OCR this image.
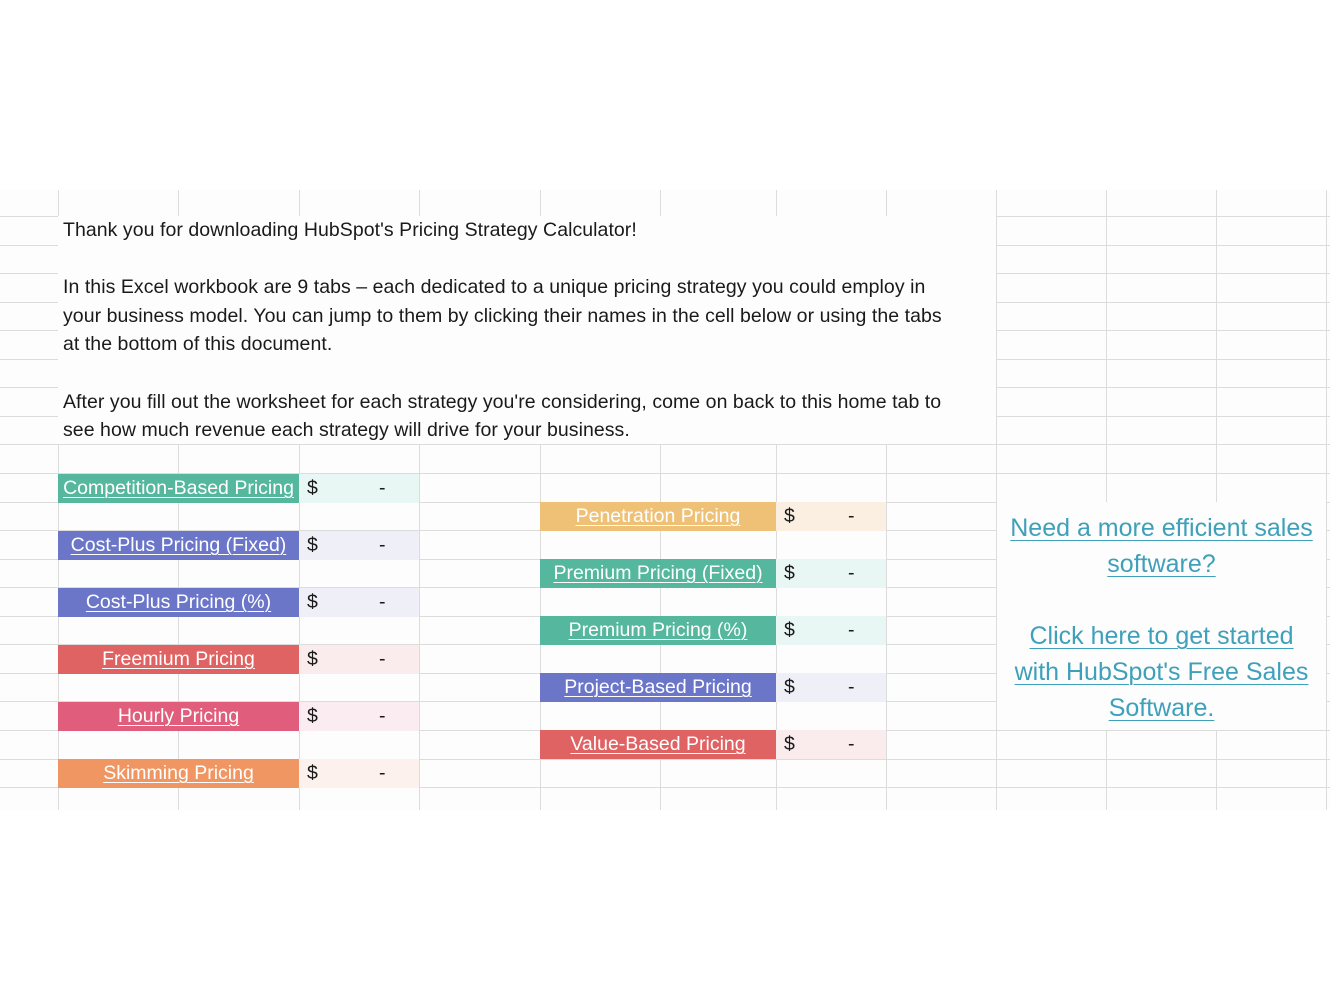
Thank you for downloading HubSpot's Pricing Strategy Calculator!

In this Excel workbook are 9 tabs – each dedicated to a unique pricing strategy you could employ in

your business model. You can jump to them by clicking their names in the cell below or using the tabs

at the bottom of this document.

After you fill out the worksheet for each strategy you're considering, come on back to this home tab to

see how much revenue each strategy will drive for your business.

Competition-Based Pricing $	-
Cost-Plus Pricing (Fixed)	$	-
Cost-Plus Pricing (%)	$	-
Freemium Pricing	$	-
Hourly Pricing	$	-
Skimming Pricing	$	-
Penetration Pricing	$	-
Premium Pricing (Fixed)	$	-
Premium Pricing (%)	$	-
Project-Based Pricing	$	-
Value-Based Pricing	$	-
Need a more efficient sales
software?
Click here to get started
with HubSpot's Free Sales
Software.
